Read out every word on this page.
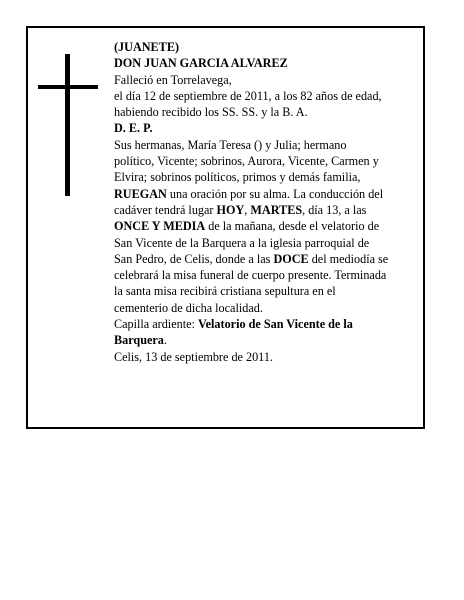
(JUANETE)
DON JUAN GARCIA ALVAREZ
Falleció en Torrelavega,
el día 12 de septiembre de 2011, a los 82 años de edad,
habiendo recibido los SS. SS. y la B. A.
D. E. P.
Sus hermanas, María Teresa () y Julia; hermano
político, Vicente; sobrinos, Aurora, Vicente, Carmen y
Elvira; sobrinos políticos, primos y demás familia,
RUEGAN una oración por su alma. La conducción del
cadáver tendrá lugar HOY, MARTES, día 13, a las
ONCE Y MEDIA de la mañana, desde el velatorio de
San Vicente de la Barquera a la iglesia parroquial de
San Pedro, de Celis, donde a las DOCE del mediodía se
celebrará la misa funeral de cuerpo presente. Terminada
la santa misa recibirá cristiana sepultura en el
cementerio de dicha localidad.
Capilla ardiente: Velatorio de San Vicente de la
Barquera.
Celis, 13 de septiembre de 2011.
